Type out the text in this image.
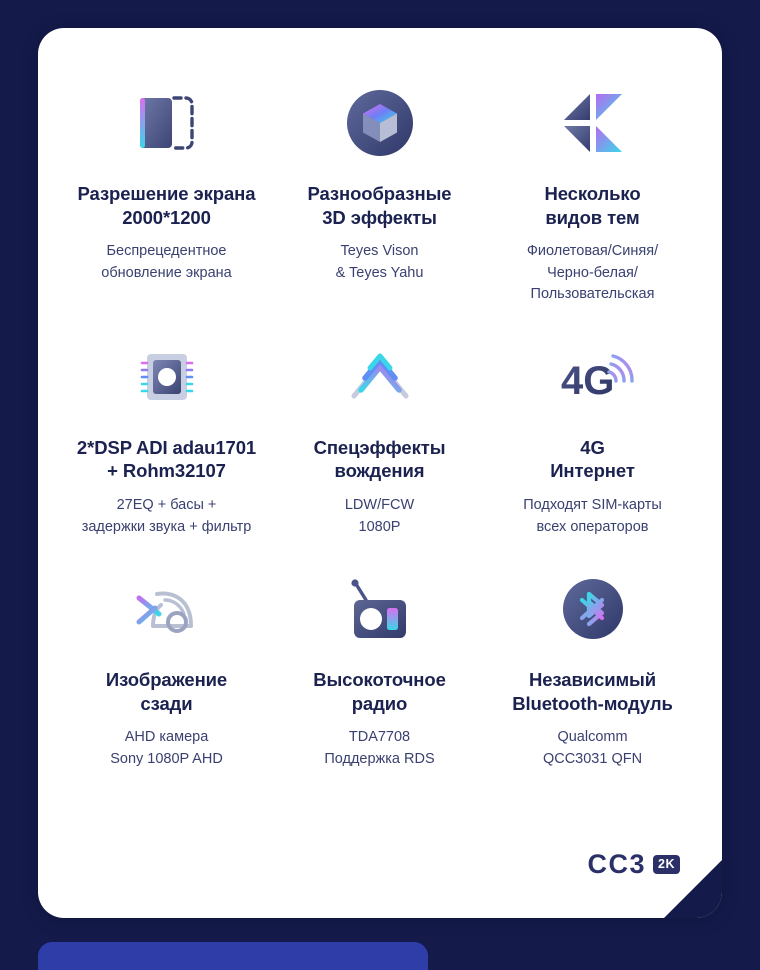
Разрешение экрана
2000*1200
Беспрецедентное
обновление экрана
Разнообразные
3D эффекты
Teyes Vison
& Teyes Yahu
Несколько
видов тем
Фиолетовая/Синяя/
Черно-белая/
Пользовательская
2*DSP ADI adau1701
+ Rohm32107
27EQ + басы +
задержки звука + фильтр
Спецэффекты
вождения
LDW/FCW
1080P
4G
4G
Интернет
Подходят SIM-карты
всех операторов
Изображение
сзади
AHD камера
Sony 1080P AHD
Высокоточное
радио
TDA7708
Поддержка RDS
Независимый
Bluetooth-модуль
Qualcomm
QCC3031 QFN
CC3 2K
